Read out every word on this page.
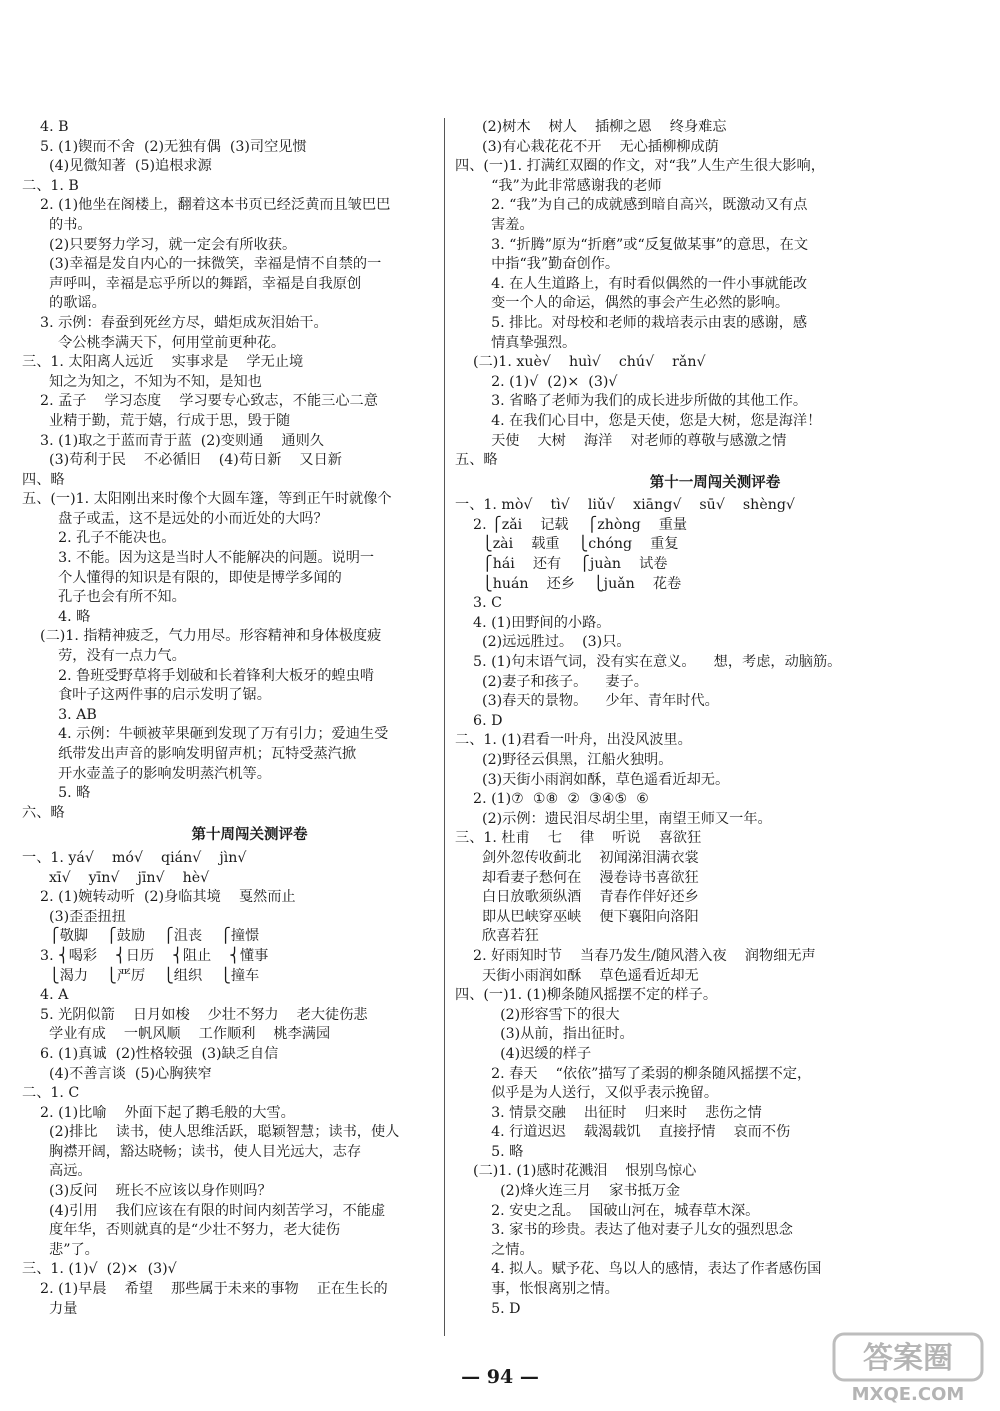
4. B
5. (1)锲而不舍  (2)无独有偶  (3)司空见惯
(4)见微知著  (5)追根求源
二、1. B
2. (1)他坐在阁楼上，翻着这本书页已经泛黄而且皱巴巴
的书。
(2)只要努力学习，就一定会有所收获。
(3)幸福是发自内心的一抹微笑，幸福是情不自禁的一
声呼叫，幸福是忘乎所以的舞蹈，幸福是自我原创
的歌谣。
3. 示例：春蚕到死丝方尽，蜡炬成灰泪始干。
令公桃李满天下，何用堂前更种花。
三、1. 太阳离人远近    实事求是    学无止境
知之为知之，不知为不知，是知也
2. 孟子    学习态度    学习要专心致志，不能三心二意
业精于勤，荒于嬉，行成于思，毁于随
3. (1)取之于蓝而青于蓝  (2)变则通    通则久
(3)苟利于民    不必循旧    (4)苟日新    又日新
四、略
五、(一)1. 太阳刚出来时像个大圆车篷，等到正午时就像个
盘子或盂，这不是远处的小而近处的大吗？
2. 孔子不能决也。
3. 不能。因为这是当时人不能解决的问题。说明一
个人懂得的知识是有限的，即使是博学多闻的
孔子也会有所不知。
4. 略
(二)1. 指精神疲乏，气力用尽。形容精神和身体极度疲
劳，没有一点力气。
2. 鲁班受野草将手划破和长着锋利大板牙的蝗虫啃
食叶子这两件事的启示发明了锯。
3. AB
4. 示例：牛顿被苹果砸到发现了万有引力；爱迪生受
纸带发出声音的影响发明留声机；瓦特受蒸汽掀
开水壶盖子的影响发明蒸汽机等。
5. 略
六、略
第十周闯关测评卷
一、1. yá√    mó√    qián√    jìn√
xī√    yīn√    jīn√    hè√
2. (1)婉转动听  (2)身临其境    戛然而止
(3)歪歪扭扭
⎧敬脚    ⎧鼓励    ⎧沮丧    ⎧撞憬
3. ⎨喝彩    ⎨日历    ⎨阻止    ⎨懂事
⎩渴力    ⎩严厉    ⎩组织    ⎩撞车
4. A
5. 光阴似箭    日月如梭    少壮不努力    老大徒伤悲
学业有成    一帆风顺    工作顺利    桃李满园
6. (1)真诚  (2)性格较强  (3)缺乏自信
(4)不善言谈  (5)心胸狭窄
二、1. C
2. (1)比喻    外面下起了鹅毛般的大雪。
(2)排比    读书，使人思维活跃，聪颖智慧；读书，使人
胸襟开阔，豁达晓畅；读书，使人目光远大，志存
高远。
(3)反问    班长不应该以身作则吗？
(4)引用    我们应该在有限的时间内刻苦学习，不能虚
度年华，否则就真的是“少壮不努力，老大徒伤
悲”了。
三、1. (1)√  (2)×  (3)√
2. (1)早晨    希望    那些属于未来的事物    正在生长的
力量
(2)树木    树人    插柳之恩    终身难忘
(3)有心栽花花不开    无心插柳柳成荫
四、(一)1. 打满红双圈的作文，对“我”人生产生很大影响，
“我”为此非常感谢我的老师
2. “我”为自己的成就感到暗自高兴，既激动又有点
害羞。
3. “折腾”原为“折磨”或“反复做某事”的意思，在文
中指“我”勤奋创作。
4. 在人生道路上，有时看似偶然的一件小事就能改
变一个人的命运，偶然的事会产生必然的影响。
5. 排比。对母校和老师的栽培表示由衷的感谢，感
情真挚强烈。
(二)1. xuè√    huì√    chú√    rǎn√
2. (1)√  (2)×  (3)√
3. 省略了老师为我们的成长进步所做的其他工作。
4. 在我们心目中，您是天使，您是大树，您是海洋！
天使    大树    海洋    对老师的尊敬与感激之情
五、略
第十一周闯关测评卷
一、1. mò√    tì√    liǔ√    xiāng√    sū√    shèng√
2. ⎧zǎi    记载    ⎧zhòng    重量
⎩zài    载重    ⎩chóng    重复
⎧hái    还有    ⎧juàn    试卷
⎩huán    还乡    ⎩juǎn    花卷
3. C
4. (1)田野间的小路。
(2)远远胜过。  (3)只。
5. (1)句末语气词，没有实在意义。    想，考虑，动脑筋。
(2)妻子和孩子。    妻子。
(3)春天的景物。    少年、青年时代。
6. D
二、1. (1)君看一叶舟，出没风波里。
(2)野径云俱黑，江船火独明。
(3)天街小雨润如酥，草色遥看近却无。
2. (1)⑦  ①⑧  ②  ③④⑤  ⑥
(2)示例：遗民泪尽胡尘里，南望王师又一年。
三、1. 杜甫    七    律    听说    喜欲狂
剑外忽传收蓟北    初闻涕泪满衣裳
却看妻子愁何在    漫卷诗书喜欲狂
白日放歌须纵酒    青春作伴好还乡
即从巴峡穿巫峡    便下襄阳向洛阳
欣喜若狂
2. 好雨知时节    当春乃发生/随风潜入夜    润物细无声
天街小雨润如酥    草色遥看近却无
四、(一)1. (1)柳条随风摇摆不定的样子。
(2)形容雪下的很大
(3)从前，指出征时。
(4)迟缓的样子
2. 春天    “依依”描写了柔弱的柳条随风摇摆不定，
似乎是为人送行，又似乎表示挽留。
3. 情景交融    出征时    归来时    悲伤之情
4. 行道迟迟    载渴载饥    直接抒情    哀而不伤
5. 略
(二)1. (1)感时花溅泪    恨别鸟惊心
(2)烽火连三月    家书抵万金
2. 安史之乱。  国破山河在，城春草木深。
3. 家书的珍贵。表达了他对妻子儿女的强烈思念
之情。
4. 拟人。赋予花、鸟以人的感情，表达了作者感伤国
事，怅恨离别之情。
5. D
— 94 —
答案圈
MXQE.COM
